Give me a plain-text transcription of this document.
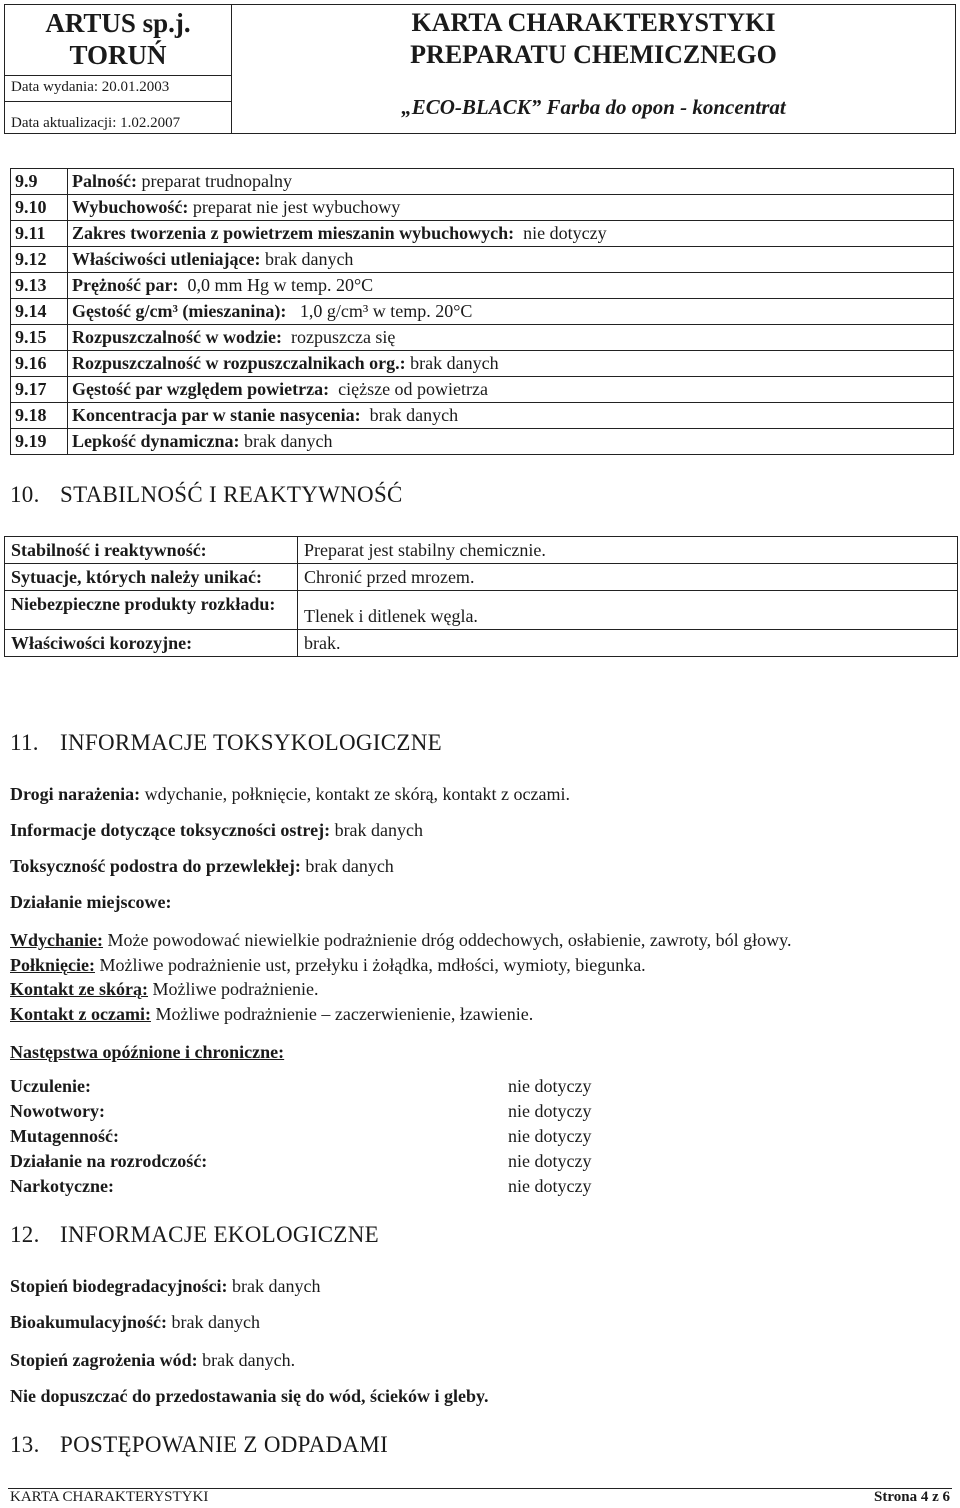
ARTUS sp.j.
TORUŃ
Data wydania: 20.01.2003
Data aktualizacji: 1.02.2007
KARTA CHARAKTERYSTYKI
PREPARATU CHEMICZNEGO
„ECO-BLACK” Farba do opon - koncentrat
9.9	Palność: preparat trudnopalny
9.10	Wybuchowość: preparat nie jest wybuchowy
9.11	Zakres tworzenia z powietrzem mieszanin wybuchowych:  nie dotyczy
9.12	Właściwości utleniające: brak danych
9.13	Prężność par:  0,0 mm Hg w temp. 20°C
9.14	Gęstość g/cm³ (mieszanina):   1,0 g/cm³ w temp. 20°C
9.15	Rozpuszczalność w wodzie:  rozpuszcza się
9.16	Rozpuszczalność w rozpuszczalnikach org.: brak danych
9.17	Gęstość par względem powietrza:  cięższe od powietrza
9.18	Koncentracja par w stanie nasycenia:  brak danych
9.19	Lepkość dynamiczna: brak danych
10. STABILNOŚĆ I REAKTYWNOŚĆ
Stabilność i reaktywność:	Preparat jest stabilny chemicznie.
Sytuacje, których należy unikać:	Chronić przed mrozem.
Niebezpieczne produkty rozkładu:	Tlenek i ditlenek węgla.
Właściwości korozyjne:	brak.
11. INFORMACJE TOKSYKOLOGICZNE
Drogi narażenia: wdychanie, połknięcie, kontakt ze skórą, kontakt z oczami.
Informacje dotyczące toksyczności ostrej: brak danych
Toksyczność podostra do przewlekłej: brak danych
Działanie miejscowe:
Wdychanie: Może powodować niewielkie podrażnienie dróg oddechowych, osłabienie, zawroty, ból głowy.
Połknięcie: Możliwe podrażnienie ust, przełyku i żołądka, mdłości, wymioty, biegunka.
Kontakt ze skórą: Możliwe podrażnienie.
Kontakt z oczami: Możliwe podrażnienie – zaczerwienienie, łzawienie.
Następstwa opóźnione i chroniczne:
Uczulenie:	nie dotyczy
Nowotwory:	nie dotyczy
Mutagenność:	nie dotyczy
Działanie na rozrodczość:	nie dotyczy
Narkotyczne:	nie dotyczy
12. INFORMACJE EKOLOGICZNE
Stopień biodegradacyjności: brak danych
Bioakumulacyjność: brak danych
Stopień zagrożenia wód: brak danych.
Nie dopuszczać do przedostawania się do wód, ścieków i gleby.
13. POSTĘPOWANIE Z ODPADAMI
KARTA CHARAKTERYSTYKI	Strona 4 z 6
